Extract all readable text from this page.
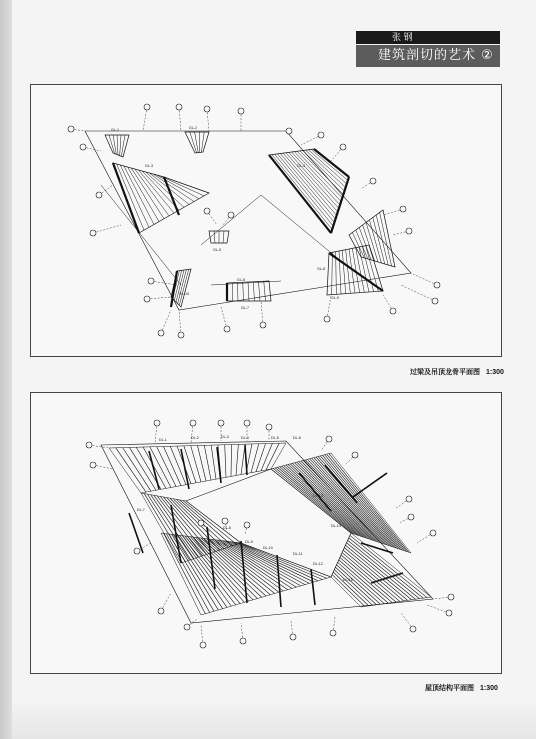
张 钢
建筑剖切的艺术 ②
GL-1	GL-2
GL-3	GL-4
GL-5
GL-6
GL-7
GL-8
GL-9
GL-10
过梁及吊顶龙骨平面图 1:300
DL-1	DL-2	DL-3	DL-4	DL-5	DL-6
DL-7
DL-8
DL-9
DL-10
DL-11
DL-12
DL-13
DL-14
DL-15
屋顶结构平面图 1:300
